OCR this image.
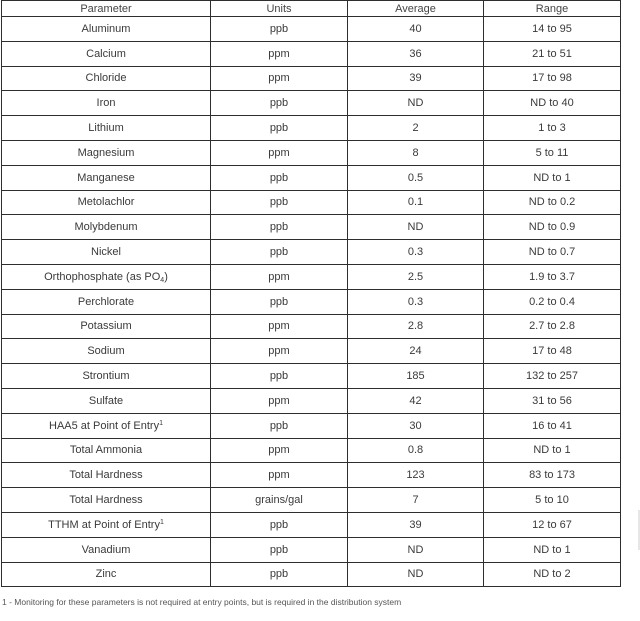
Parameter	Units	Average	Range
Aluminum	ppb	40	14 to 95
Calcium	ppm	36	21 to 51
Chloride	ppm	39	17 to 98
Iron	ppb	ND	ND to 40
Lithium	ppb	2	1 to 3
Magnesium	ppm	8	5 to 11
Manganese	ppb	0.5	ND to 1
Metolachlor	ppb	0.1	ND to 0.2
Molybdenum	ppb	ND	ND to 0.9
Nickel	ppb	0.3	ND to 0.7
Orthophosphate (as $PO_4$)	ppm	2.5	1.9 to 3.7
Perchlorate	ppb	0.3	0.2 to 0.4
Potassium	ppm	2.8	2.7 to 2.8
Sodium	ppm	24	17 to 48
Strontium	ppb	185	132 to 257
Sulfate	ppm	42	31 to 56
HAA5 at Point of Entry$^1$	ppb	30	16 to 41
Total Ammonia	ppm	0.8	ND to 1
Total Hardness	ppm	123	83 to 173
Total Hardness	grains/gal	7	5 to 10
TTHM at Point of Entry$^1$	ppb	39	12 to 67
Vanadium	ppb	ND	ND to 1
Zinc	ppb	ND	ND to 2
1 - Monitoring for these parameters is not required at entry points, but is required in the distribution system
